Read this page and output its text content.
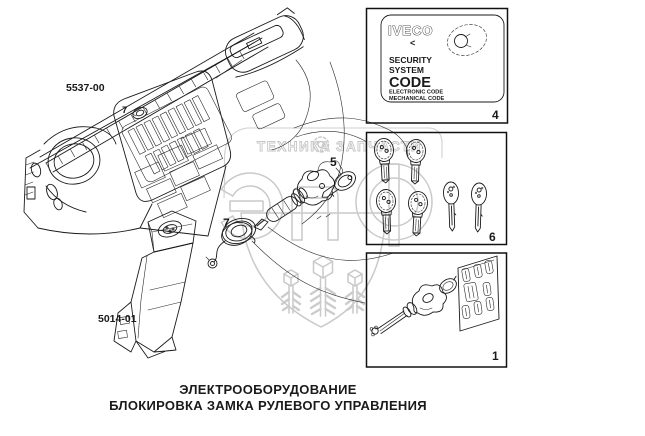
ТЕХНИКА ЗАПЧАСТИ
IVECO
<
SECURITY
SYSTEM
CODE
ELECTRONIC CODE
MECHANICAL CODE
5537-00
5014-01
5
7
7	4
6
1
ЭЛЕКТРООБОРУДОВАНИЕ
БЛОКИРОВКА ЗАМКА РУЛЕВОГО УПРАВЛЕНИЯ
